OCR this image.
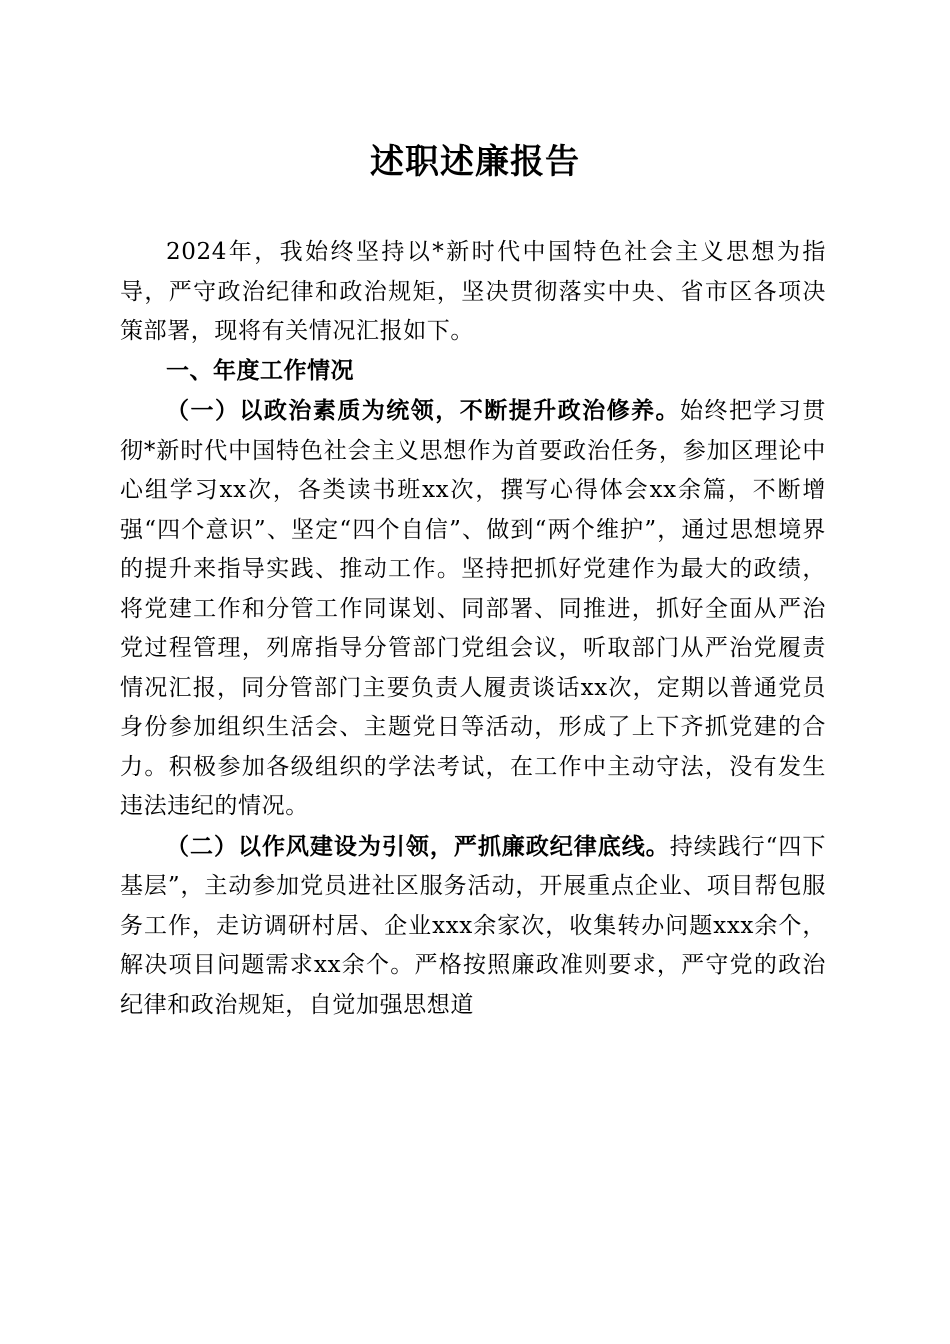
述职述廉报告

2024年，我始终坚持以*新时代中国特色社会主义思想为指导，严守政治纪律和政治规矩，坚决贯彻落实中央、省市区各项决策部署，现将有关情况汇报如下。

一、年度工作情况

（一）以政治素质为统领，不断提升政治修养。始终把学习贯彻*新时代中国特色社会主义思想作为首要政治任务，参加区理论中心组学习xx次，各类读书班xx次，撰写心得体会xx余篇，不断增强“四个意识”、坚定“四个自信”、做到“两个维护”，通过思想境界的提升来指导实践、推动工作。坚持把抓好党建作为最大的政绩，将党建工作和分管工作同谋划、同部署、同推进，抓好全面从严治党过程管理，列席指导分管部门党组会议，听取部门从严治党履责情况汇报，同分管部门主要负责人履责谈话xx次，定期以普通党员身份参加组织生活会、主题党日等活动，形成了上下齐抓党建的合力。积极参加各级组织的学法考试，在工作中主动守法，没有发生违法违纪的情况。

（二）以作风建设为引领，严抓廉政纪律底线。持续践行“四下基层”，主动参加党员进社区服务活动，开展重点企业、项目帮包服务工作，走访调研村居、企业xxx余家次，收集转办问题xxx余个，解决项目问题需求xx余个。严格按照廉政准则要求，严守党的政治纪律和政治规矩，自觉加强思想道
